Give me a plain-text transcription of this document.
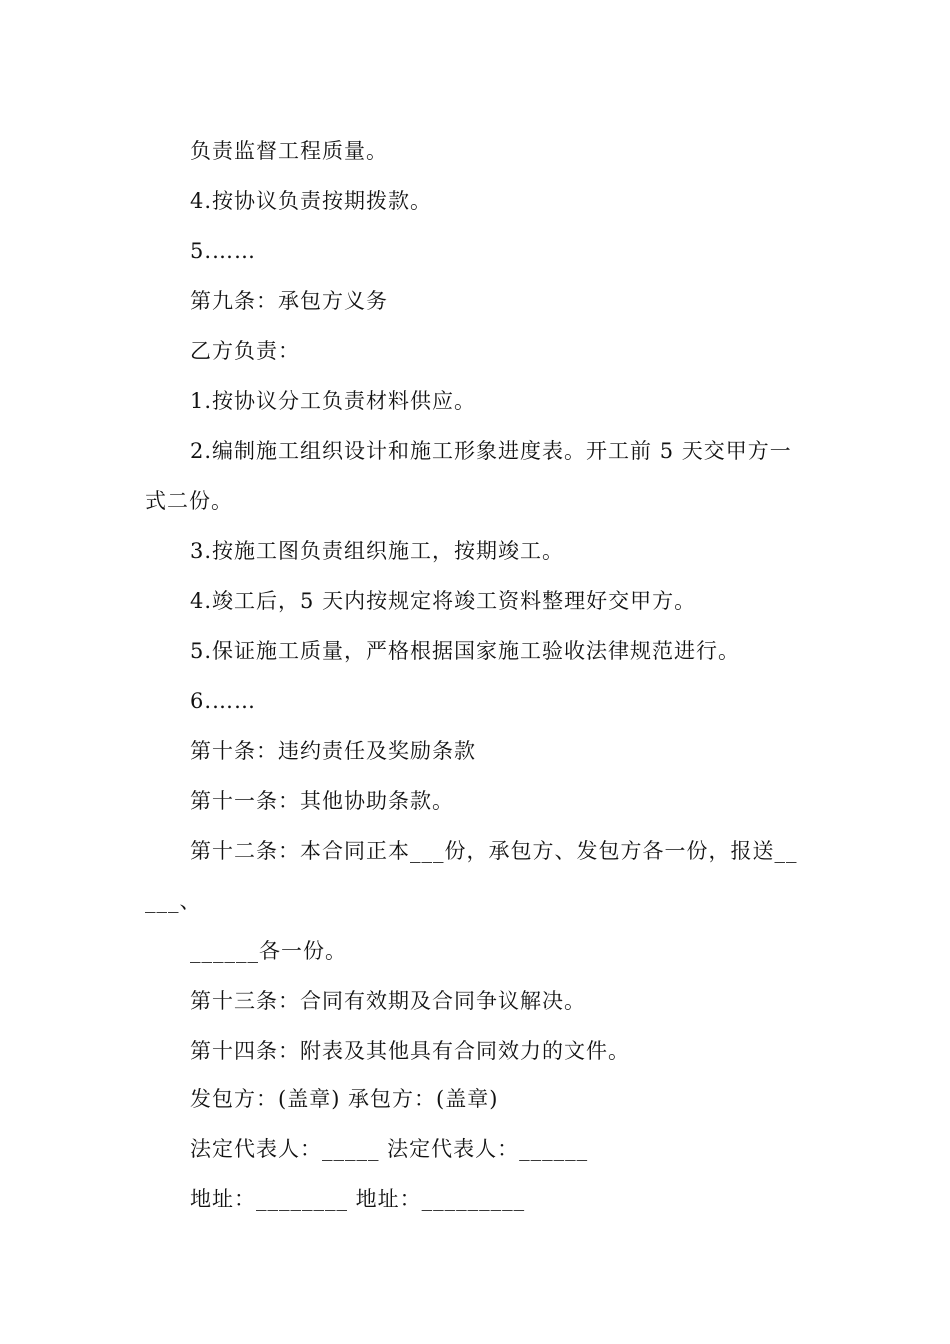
负责监督工程质量。
4.按协议负责按期拨款。
5.……
第九条：承包方义务
乙方负责：
1.按协议分工负责材料供应。
2.编制施工组织设计和施工形象进度表。开工前 5 天交甲方一
式二份。
3.按施工图负责组织施工，按期竣工。
4.竣工后，5 天内按规定将竣工资料整理好交甲方。
5.保证施工质量，严格根据国家施工验收法律规范进行。
6.……
第十条：违约责任及奖励条款
第十一条：其他协助条款。
第十二条：本合同正本___份，承包方、发包方各一份，报送__
___、
______各一份。
第十三条：合同有效期及合同争议解决。
第十四条：附表及其他具有合同效力的文件。
发包方：(盖章) 承包方：(盖章)
法定代表人：_____ 法定代表人：______
地址：________ 地址：_________
